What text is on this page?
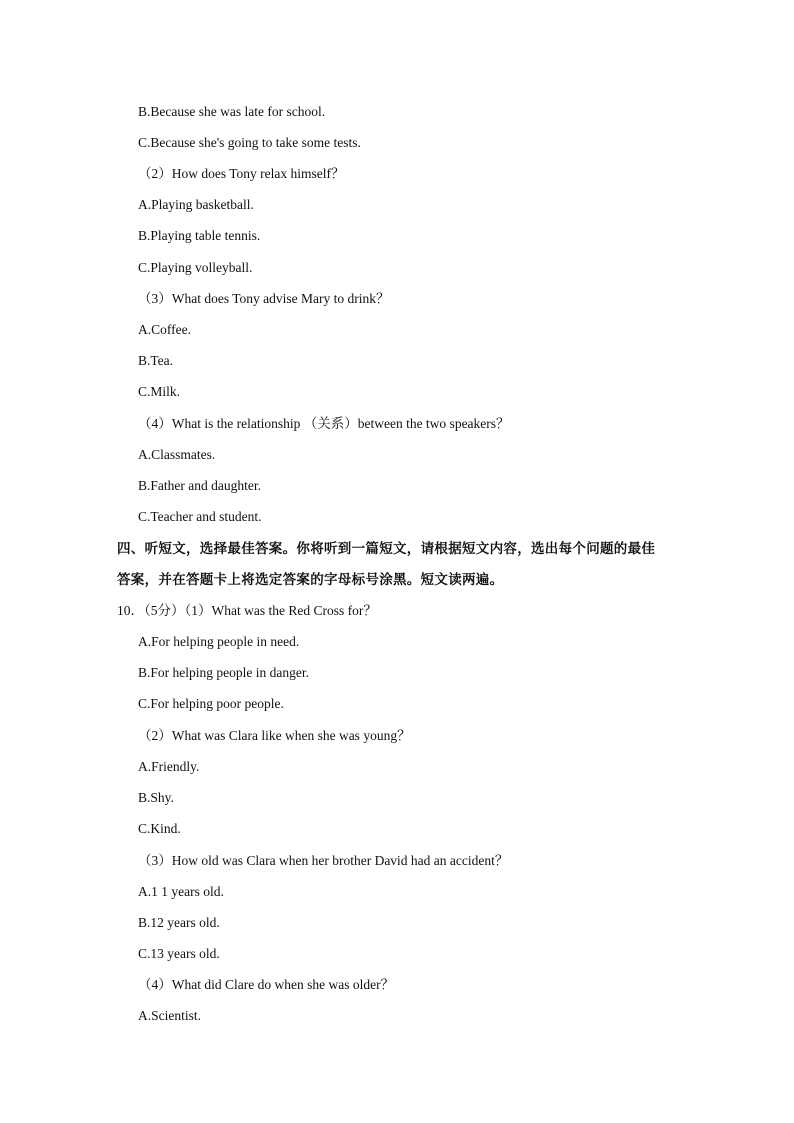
B.Because she was late for school.
C.Because she's going to take some tests.
（2）How does Tony relax himself？
A.Playing basketball.
B.Playing table tennis.
C.Playing volleyball.
（3）What does Tony advise Mary to drink？
A.Coffee.
B.Tea.
C.Milk.
（4）What is the relationship （关系）between the two speakers？
A.Classmates.
B.Father and daughter.
C.Teacher and student.
四、听短文，选择最佳答案。你将听到一篇短文，请根据短文内容，选出每个问题的最佳
答案，并在答题卡上将选定答案的字母标号涂黑。短文读两遍。
10．（5分）（1）What was the Red Cross for？
A.For helping people in need.
B.For helping people in danger.
C.For helping poor people.
（2）What was Clara like when she was young？
A.Friendly.
B.Shy.
C.Kind.
（3）How old was Clara when her brother David had an accident？
A.1 1 years old.
B.12 years old.
C.13 years old.
（4）What did Clare do when she was older？
A.Scientist.
